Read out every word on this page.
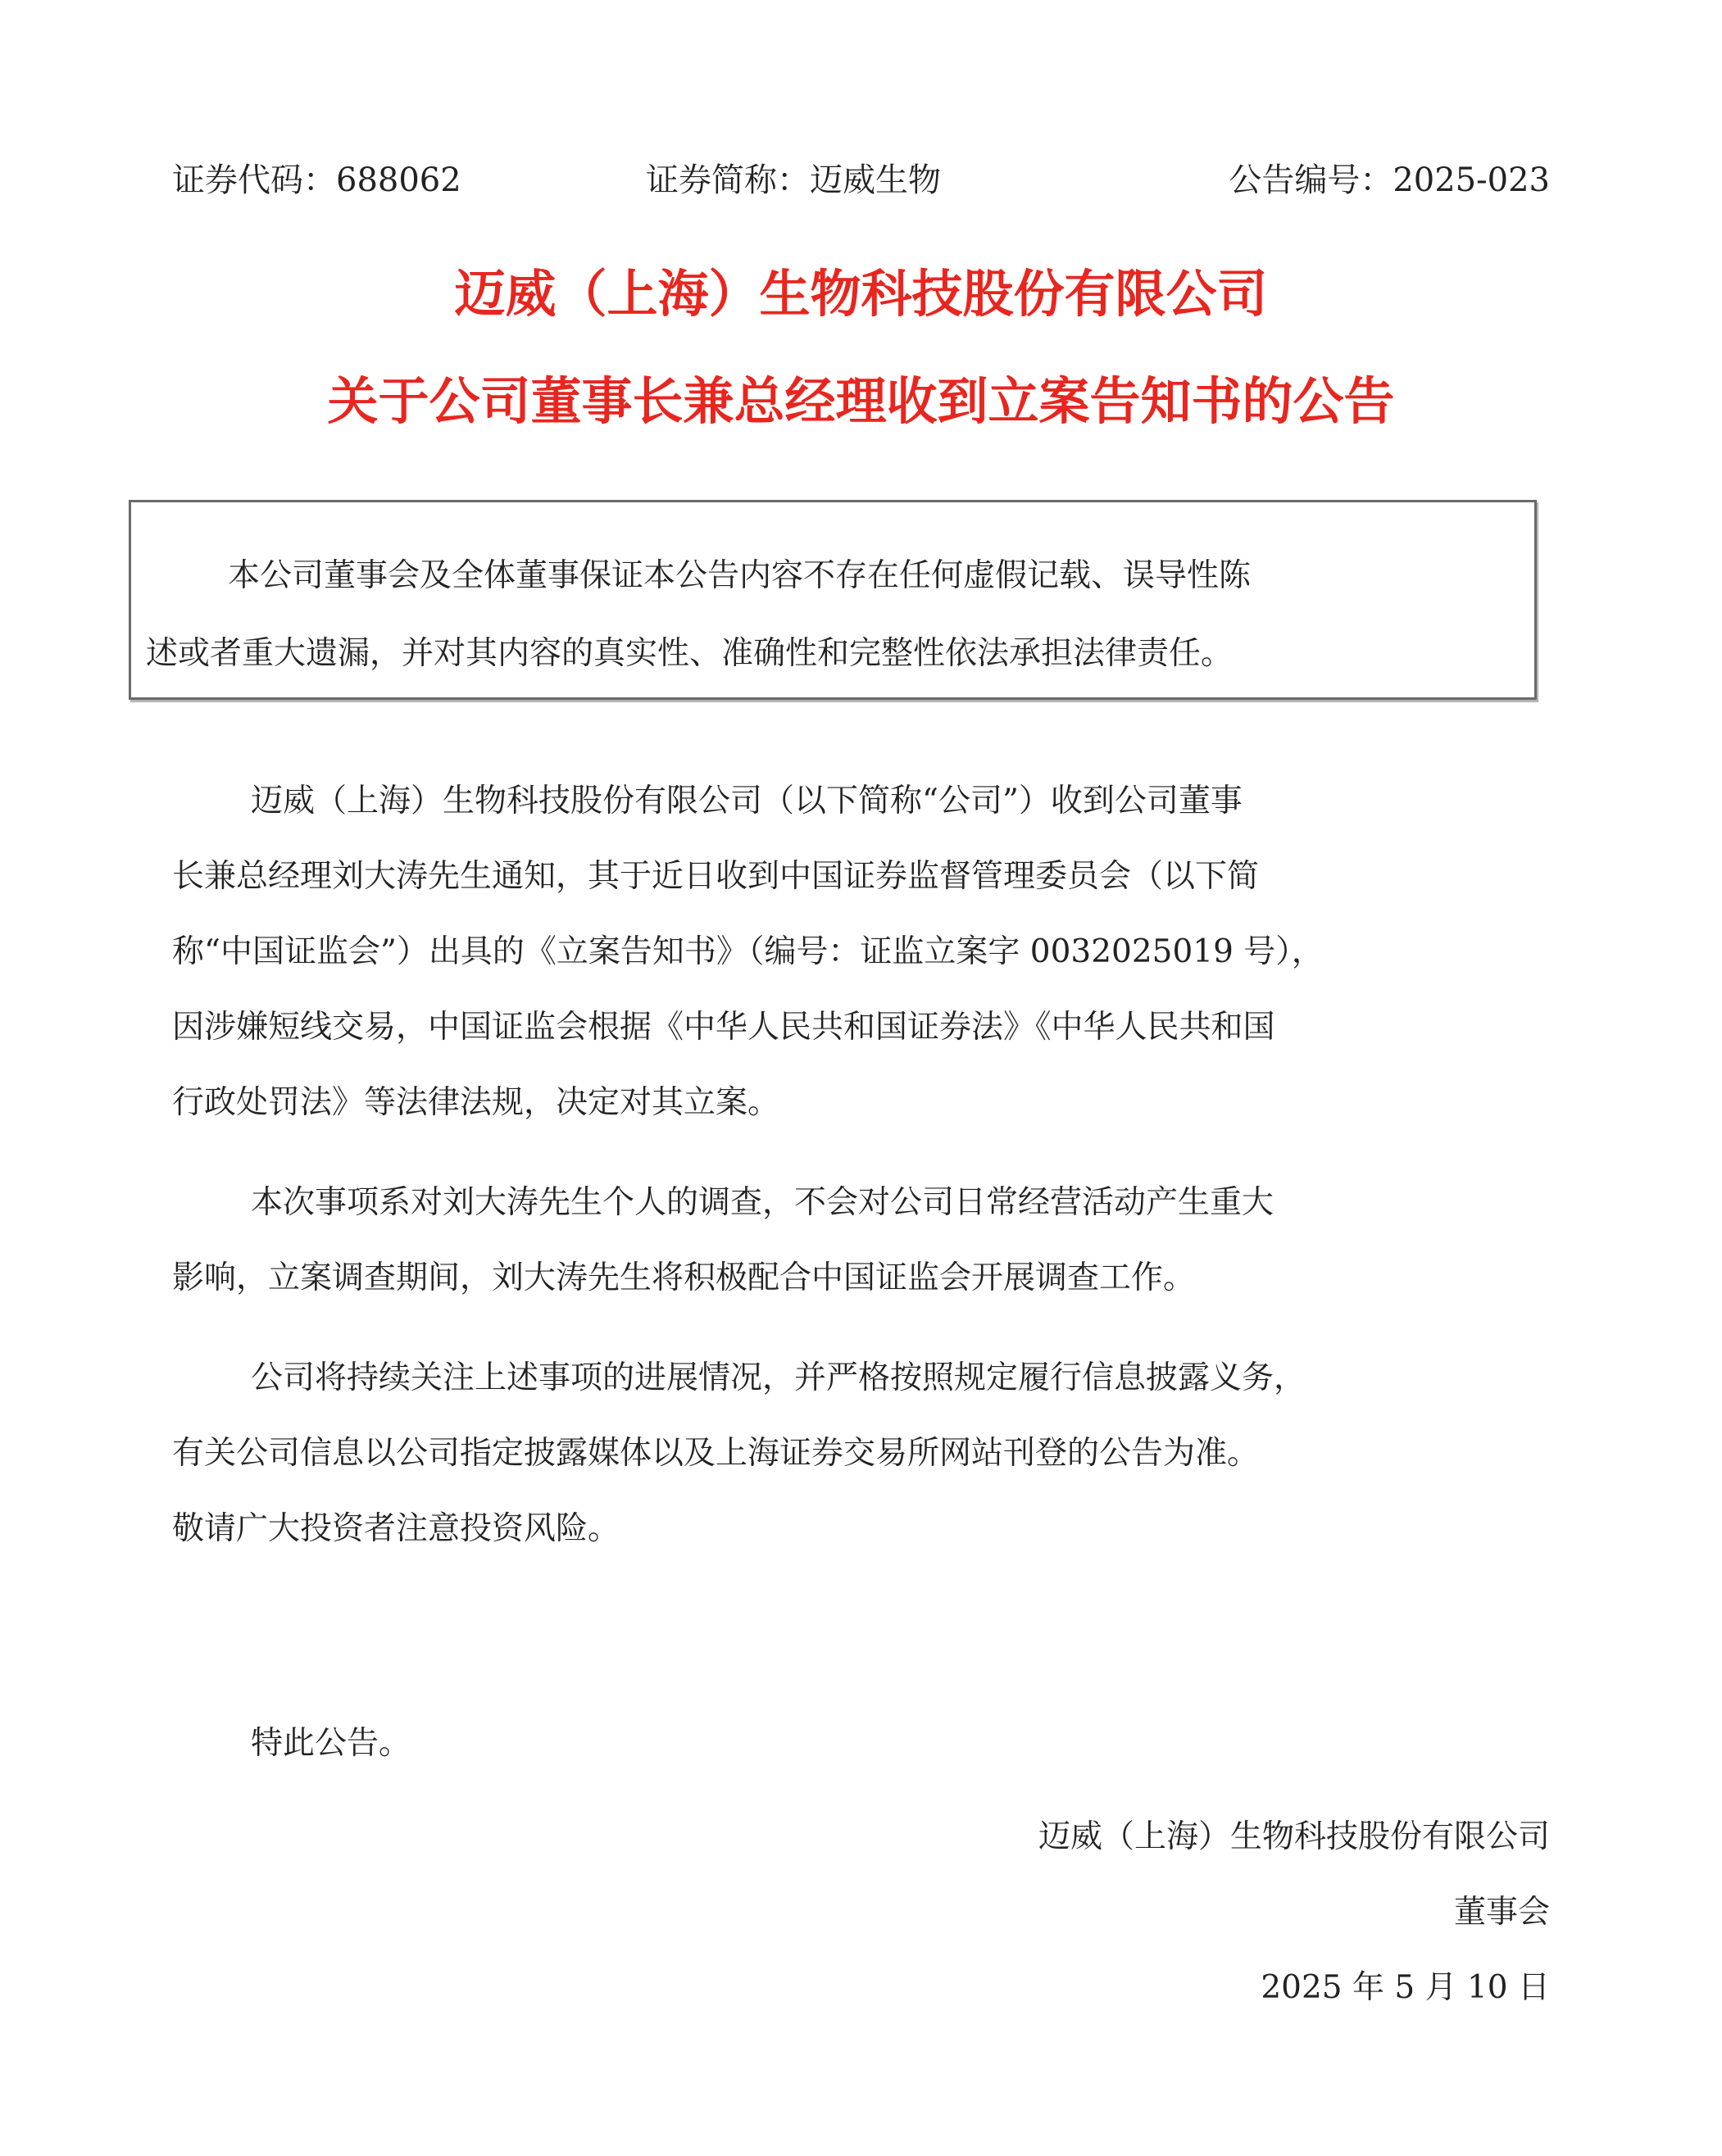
证券代码：688062	证券简称：迈威生物	公告编号：2025-023
迈威（上海）生物科技股份有限公司
关于公司董事长兼总经理收到立案告知书的公告
本公司董事会及全体董事保证本公告内容不存在任何虚假记载、误导性陈
述或者重大遗漏，并对其内容的真实性、准确性和完整性依法承担法律责任。
迈威（上海）生物科技股份有限公司（以下简称“公司”）收到公司董事
长兼总经理刘大涛先生通知，其于近日收到中国证券监督管理委员会（以下简
称“中国证监会”）出具的《立案告知书》（编号：证监立案字 0032025019 号），
因涉嫌短线交易，中国证监会根据《中华人民共和国证券法》《中华人民共和国
行政处罚法》等法律法规，决定对其立案。
本次事项系对刘大涛先生个人的调查，不会对公司日常经营活动产生重大
影响，立案调查期间，刘大涛先生将积极配合中国证监会开展调查工作。
公司将持续关注上述事项的进展情况，并严格按照规定履行信息披露义务，
有关公司信息以公司指定披露媒体以及上海证券交易所网站刊登的公告为准。
敬请广大投资者注意投资风险。
特此公告。
迈威（上海）生物科技股份有限公司
董事会
2025 年 5 月 10 日
